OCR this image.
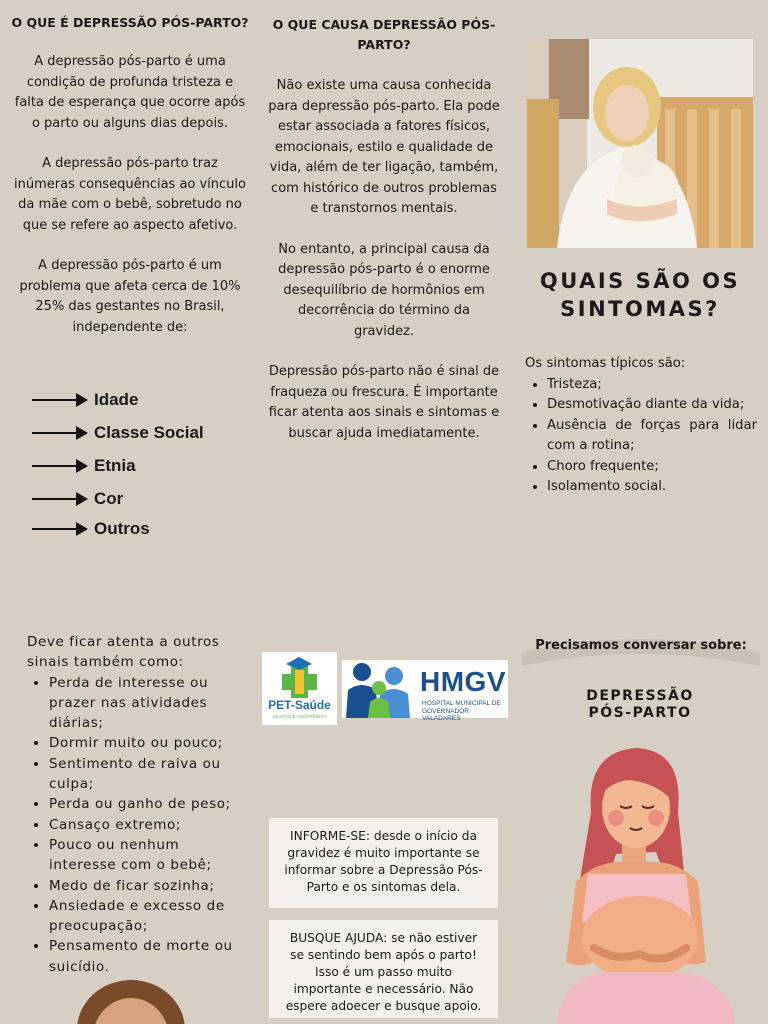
O QUE É DEPRESSÃO PÓS-PARTO?

A depressão pós-parto é uma condição de profunda tristeza e falta de esperança que ocorre após o parto ou alguns dias depois.

A depressão pós-parto traz inúmeras consequências ao vínculo da mãe com o bebê, sobretudo no que se refere ao aspecto afetivo.

A depressão pós-parto é um problema que afeta cerca de 10% 25% das gestantes no Brasil, independente de:

Idade
Classe Social
Etnia
Cor
Outros
O QUE CAUSA DEPRESSÃO PÓS-PARTO?

Não existe uma causa conhecida para depressão pós-parto. Ela pode estar associada a fatores físicos, emocionais, estilo e qualidade de vida, além de ter ligação, também, com histórico de outros problemas e transtornos mentais.

No entanto, a principal causa da depressão pós-parto é o enorme desequilíbrio de hormônios em decorrência do término da gravidez.

Depressão pós-parto não é sinal de fraqueza ou frescura. É importante ficar atenta aos sinais e sintomas e buscar ajuda imediatamente.

QUAIS SÃO OS
SINTOMAS?
Os sintomas típicos são:
• Tristeza;
• Desmotivação diante da vida;
• Ausência de forças para lidar com a rotina;
• Choro frequente;
• Isolamento social.
Deve ficar atenta a outros sinais também como:
• Perda de interesse ou prazer nas atividades diárias;
• Dormir muito ou pouco;
• Sentimento de raiva ou culpa;
• Perda ou ganho de peso;
• Cansaço extremo;
• Pouco ou nenhum interesse com o bebê;
• Medo de ficar sozinha;
• Ansiedade e excesso de preocupação;
• Pensamento de morte ou suicídio.
PET-Saúde
GESTÃO E ASSISTÊNCIA
HMGV
HOSPITAL MUNICIPAL DE
GOVERNADOR VALADARES
INFORME-SE: desde o início da gravidez é muito importante se informar sobre a Depressão Pós-Parto e os sintomas dela.
BUSQUE AJUDA: se não estiver se sentindo bem após o parto! Isso é um passo muito importante e necessário. Não espere adoecer e busque apoio.
Precisamos conversar sobre:
DEPRESSÃO
PÓS-PARTO
